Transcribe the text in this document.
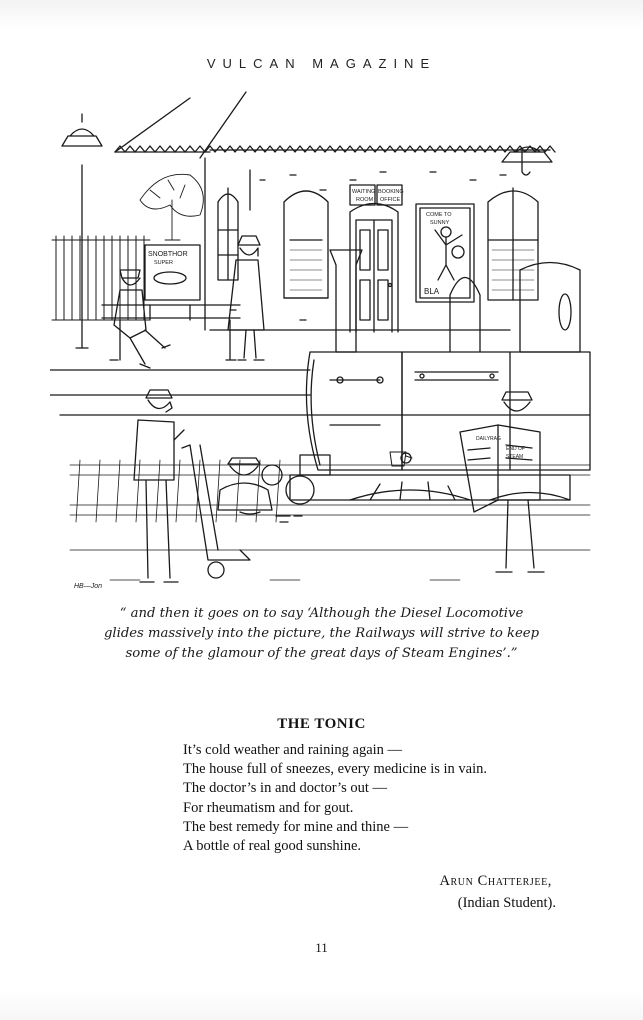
VULCAN MAGAZINE
WAITING
ROOM
BOOKING
OFFICE
COME TO
SUNNY
BLA
SNOBTHOR
SUPER
DAILY RAG
END OF
STEAM
HB—Jon
“ and then it goes on to say ‘Although the Diesel Locomotive
glides massively into the picture, the Railways will strive to keep
some of the glamour of the great days of Steam Engines’.”
THE TONIC
It’s cold weather and raining again —
The house full of sneezes, every medicine is in vain.
The doctor’s in and doctor’s out —
For rheumatism and for gout.
The best remedy for mine and thine —
A bottle of real good sunshine.
Arun Chatterjee,
(Indian Student).
11
